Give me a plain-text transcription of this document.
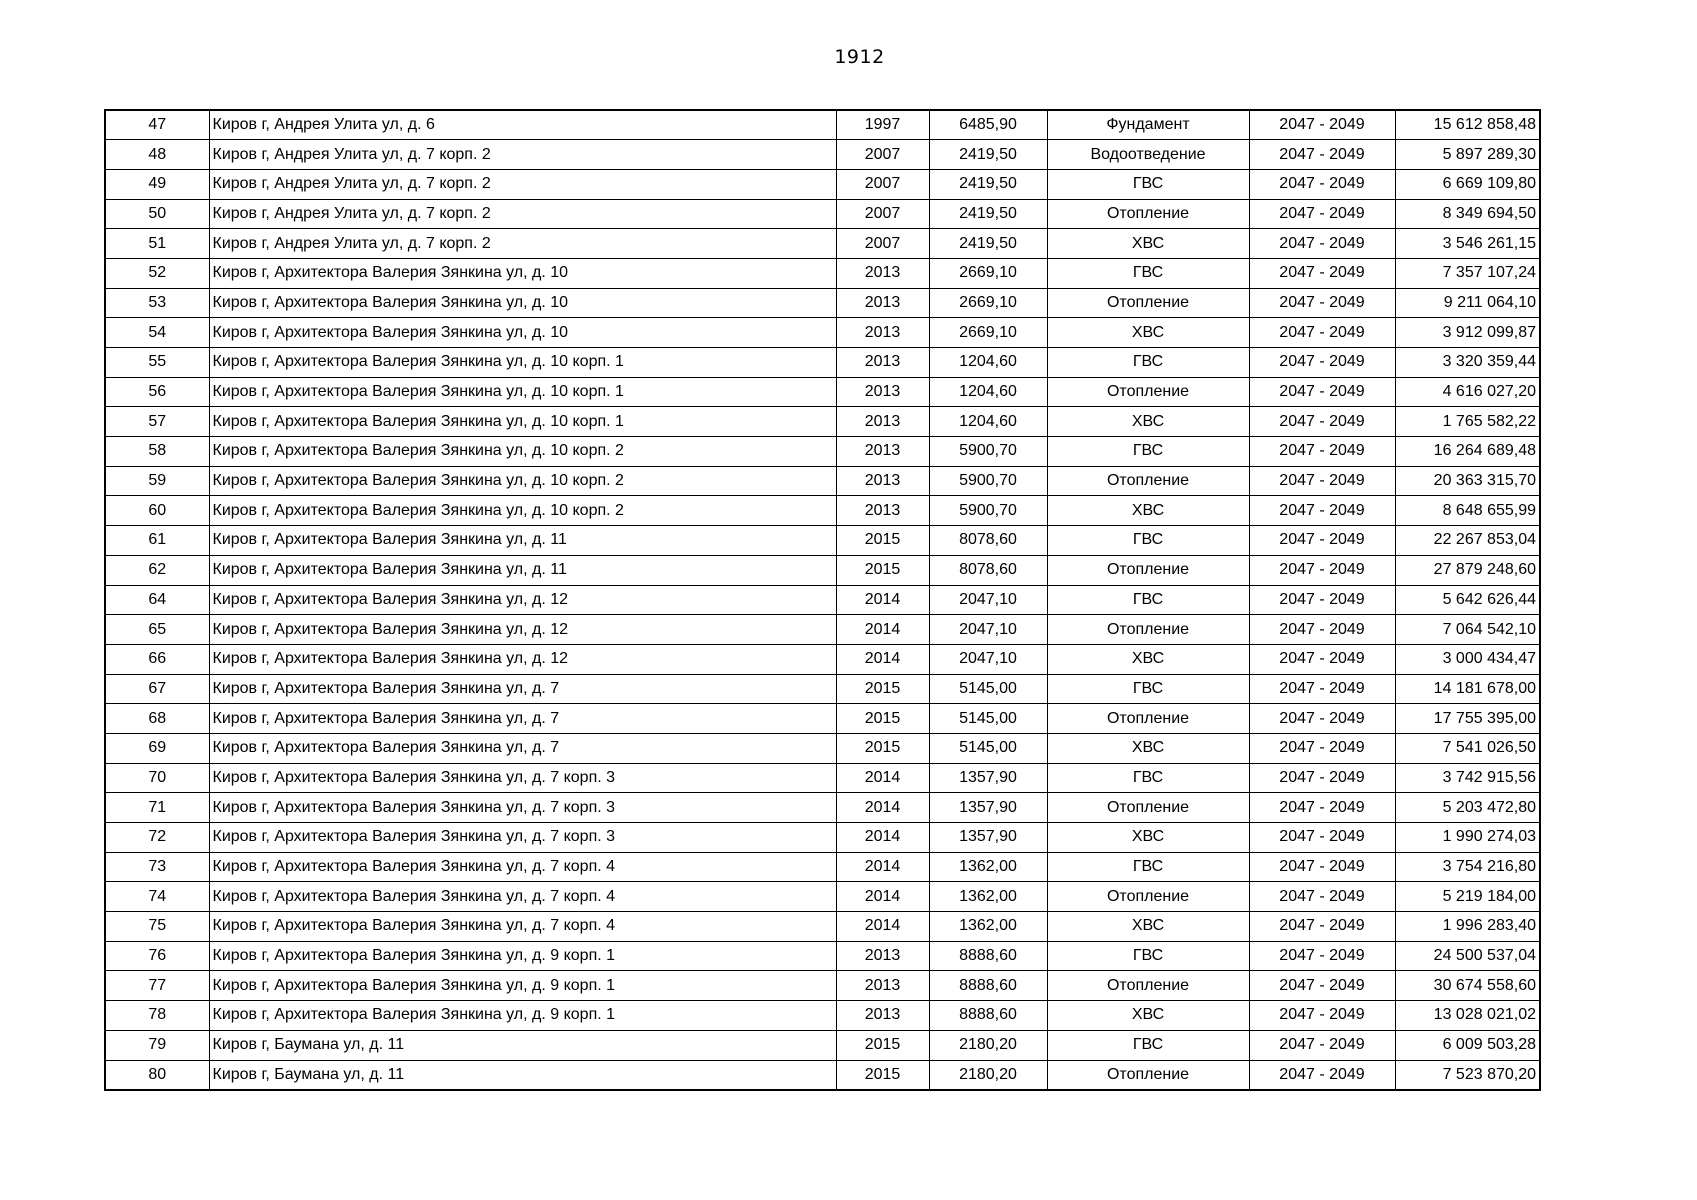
1912
47	Киров г, Андрея Улита ул, д. 6	1997	6485,90	Фундамент	2047 - 2049	15 612 858,48
48	Киров г, Андрея Улита ул, д. 7 корп. 2	2007	2419,50	Водоотведение	2047 - 2049	5 897 289,30
49	Киров г, Андрея Улита ул, д. 7 корп. 2	2007	2419,50	ГВС	2047 - 2049	6 669 109,80
50	Киров г, Андрея Улита ул, д. 7 корп. 2	2007	2419,50	Отопление	2047 - 2049	8 349 694,50
51	Киров г, Андрея Улита ул, д. 7 корп. 2	2007	2419,50	ХВС	2047 - 2049	3 546 261,15
52	Киров г, Архитектора Валерия Зянкина ул, д. 10	2013	2669,10	ГВС	2047 - 2049	7 357 107,24
53	Киров г, Архитектора Валерия Зянкина ул, д. 10	2013	2669,10	Отопление	2047 - 2049	9 211 064,10
54	Киров г, Архитектора Валерия Зянкина ул, д. 10	2013	2669,10	ХВС	2047 - 2049	3 912 099,87
55	Киров г, Архитектора Валерия Зянкина ул, д. 10 корп. 1	2013	1204,60	ГВС	2047 - 2049	3 320 359,44
56	Киров г, Архитектора Валерия Зянкина ул, д. 10 корп. 1	2013	1204,60	Отопление	2047 - 2049	4 616 027,20
57	Киров г, Архитектора Валерия Зянкина ул, д. 10 корп. 1	2013	1204,60	ХВС	2047 - 2049	1 765 582,22
58	Киров г, Архитектора Валерия Зянкина ул, д. 10 корп. 2	2013	5900,70	ГВС	2047 - 2049	16 264 689,48
59	Киров г, Архитектора Валерия Зянкина ул, д. 10 корп. 2	2013	5900,70	Отопление	2047 - 2049	20 363 315,70
60	Киров г, Архитектора Валерия Зянкина ул, д. 10 корп. 2	2013	5900,70	ХВС	2047 - 2049	8 648 655,99
61	Киров г, Архитектора Валерия Зянкина ул, д. 11	2015	8078,60	ГВС	2047 - 2049	22 267 853,04
62	Киров г, Архитектора Валерия Зянкина ул, д. 11	2015	8078,60	Отопление	2047 - 2049	27 879 248,60
64	Киров г, Архитектора Валерия Зянкина ул, д. 12	2014	2047,10	ГВС	2047 - 2049	5 642 626,44
65	Киров г, Архитектора Валерия Зянкина ул, д. 12	2014	2047,10	Отопление	2047 - 2049	7 064 542,10
66	Киров г, Архитектора Валерия Зянкина ул, д. 12	2014	2047,10	ХВС	2047 - 2049	3 000 434,47
67	Киров г, Архитектора Валерия Зянкина ул, д. 7	2015	5145,00	ГВС	2047 - 2049	14 181 678,00
68	Киров г, Архитектора Валерия Зянкина ул, д. 7	2015	5145,00	Отопление	2047 - 2049	17 755 395,00
69	Киров г, Архитектора Валерия Зянкина ул, д. 7	2015	5145,00	ХВС	2047 - 2049	7 541 026,50
70	Киров г, Архитектора Валерия Зянкина ул, д. 7 корп. 3	2014	1357,90	ГВС	2047 - 2049	3 742 915,56
71	Киров г, Архитектора Валерия Зянкина ул, д. 7 корп. 3	2014	1357,90	Отопление	2047 - 2049	5 203 472,80
72	Киров г, Архитектора Валерия Зянкина ул, д. 7 корп. 3	2014	1357,90	ХВС	2047 - 2049	1 990 274,03
73	Киров г, Архитектора Валерия Зянкина ул, д. 7 корп. 4	2014	1362,00	ГВС	2047 - 2049	3 754 216,80
74	Киров г, Архитектора Валерия Зянкина ул, д. 7 корп. 4	2014	1362,00	Отопление	2047 - 2049	5 219 184,00
75	Киров г, Архитектора Валерия Зянкина ул, д. 7 корп. 4	2014	1362,00	ХВС	2047 - 2049	1 996 283,40
76	Киров г, Архитектора Валерия Зянкина ул, д. 9 корп. 1	2013	8888,60	ГВС	2047 - 2049	24 500 537,04
77	Киров г, Архитектора Валерия Зянкина ул, д. 9 корп. 1	2013	8888,60	Отопление	2047 - 2049	30 674 558,60
78	Киров г, Архитектора Валерия Зянкина ул, д. 9 корп. 1	2013	8888,60	ХВС	2047 - 2049	13 028 021,02
79	Киров г, Баумана ул, д. 11	2015	2180,20	ГВС	2047 - 2049	6 009 503,28
80	Киров г, Баумана ул, д. 11	2015	2180,20	Отопление	2047 - 2049	7 523 870,20
